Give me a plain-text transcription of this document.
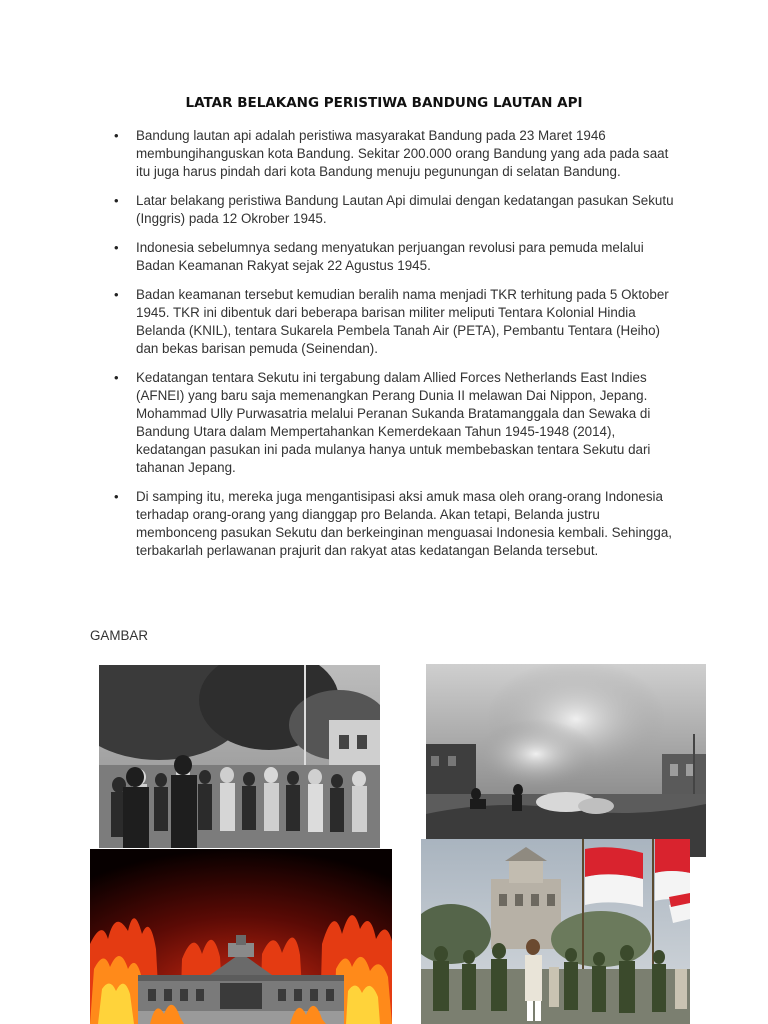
LATAR BELAKANG PERISTIWA BANDUNG LAUTAN API
• Bandung lautan api adalah peristiwa masyarakat Bandung pada 23 Maret 1946 membungihanguskan kota Bandung. Sekitar 200.000 orang Bandung yang ada pada saat itu juga harus pindah dari kota Bandung menuju pegunungan di selatan Bandung.
• Latar belakang peristiwa Bandung Lautan Api dimulai dengan kedatangan pasukan Sekutu (Inggris) pada 12 Okrober 1945.
• Indonesia sebelumnya sedang menyatukan perjuangan revolusi para pemuda melalui Badan Keamanan Rakyat sejak 22 Agustus 1945.
• Badan keamanan tersebut kemudian beralih nama menjadi TKR terhitung pada 5 Oktober 1945. TKR ini dibentuk dari beberapa barisan militer meliputi Tentara Kolonial Hindia Belanda (KNIL), tentara Sukarela Pembela Tanah Air (PETA), Pembantu Tentara (Heiho) dan bekas barisan pemuda (Seinendan).
• Kedatangan tentara Sekutu ini tergabung dalam Allied Forces Netherlands East Indies (AFNEI) yang baru saja memenangkan Perang Dunia II melawan Dai Nippon, Jepang. Mohammad Ully Purwasatria melalui Peranan Sukanda Bratamanggala dan Sewaka di Bandung Utara dalam Mempertahankan Kemerdekaan Tahun 1945-1948 (2014), kedatangan pasukan ini pada mulanya hanya untuk membebaskan tentara Sekutu dari tahanan Jepang.
• Di samping itu, mereka juga mengantisipasi aksi amuk masa oleh orang-orang Indonesia terhadap orang-orang yang dianggap pro Belanda. Akan tetapi, Belanda justru membonceng pasukan Sekutu dan berkeinginan menguasai Indonesia kembali. Sehingga, terbakarlah perlawanan prajurit dan rakyat atas kedatangan Belanda tersebut.

GAMBAR
